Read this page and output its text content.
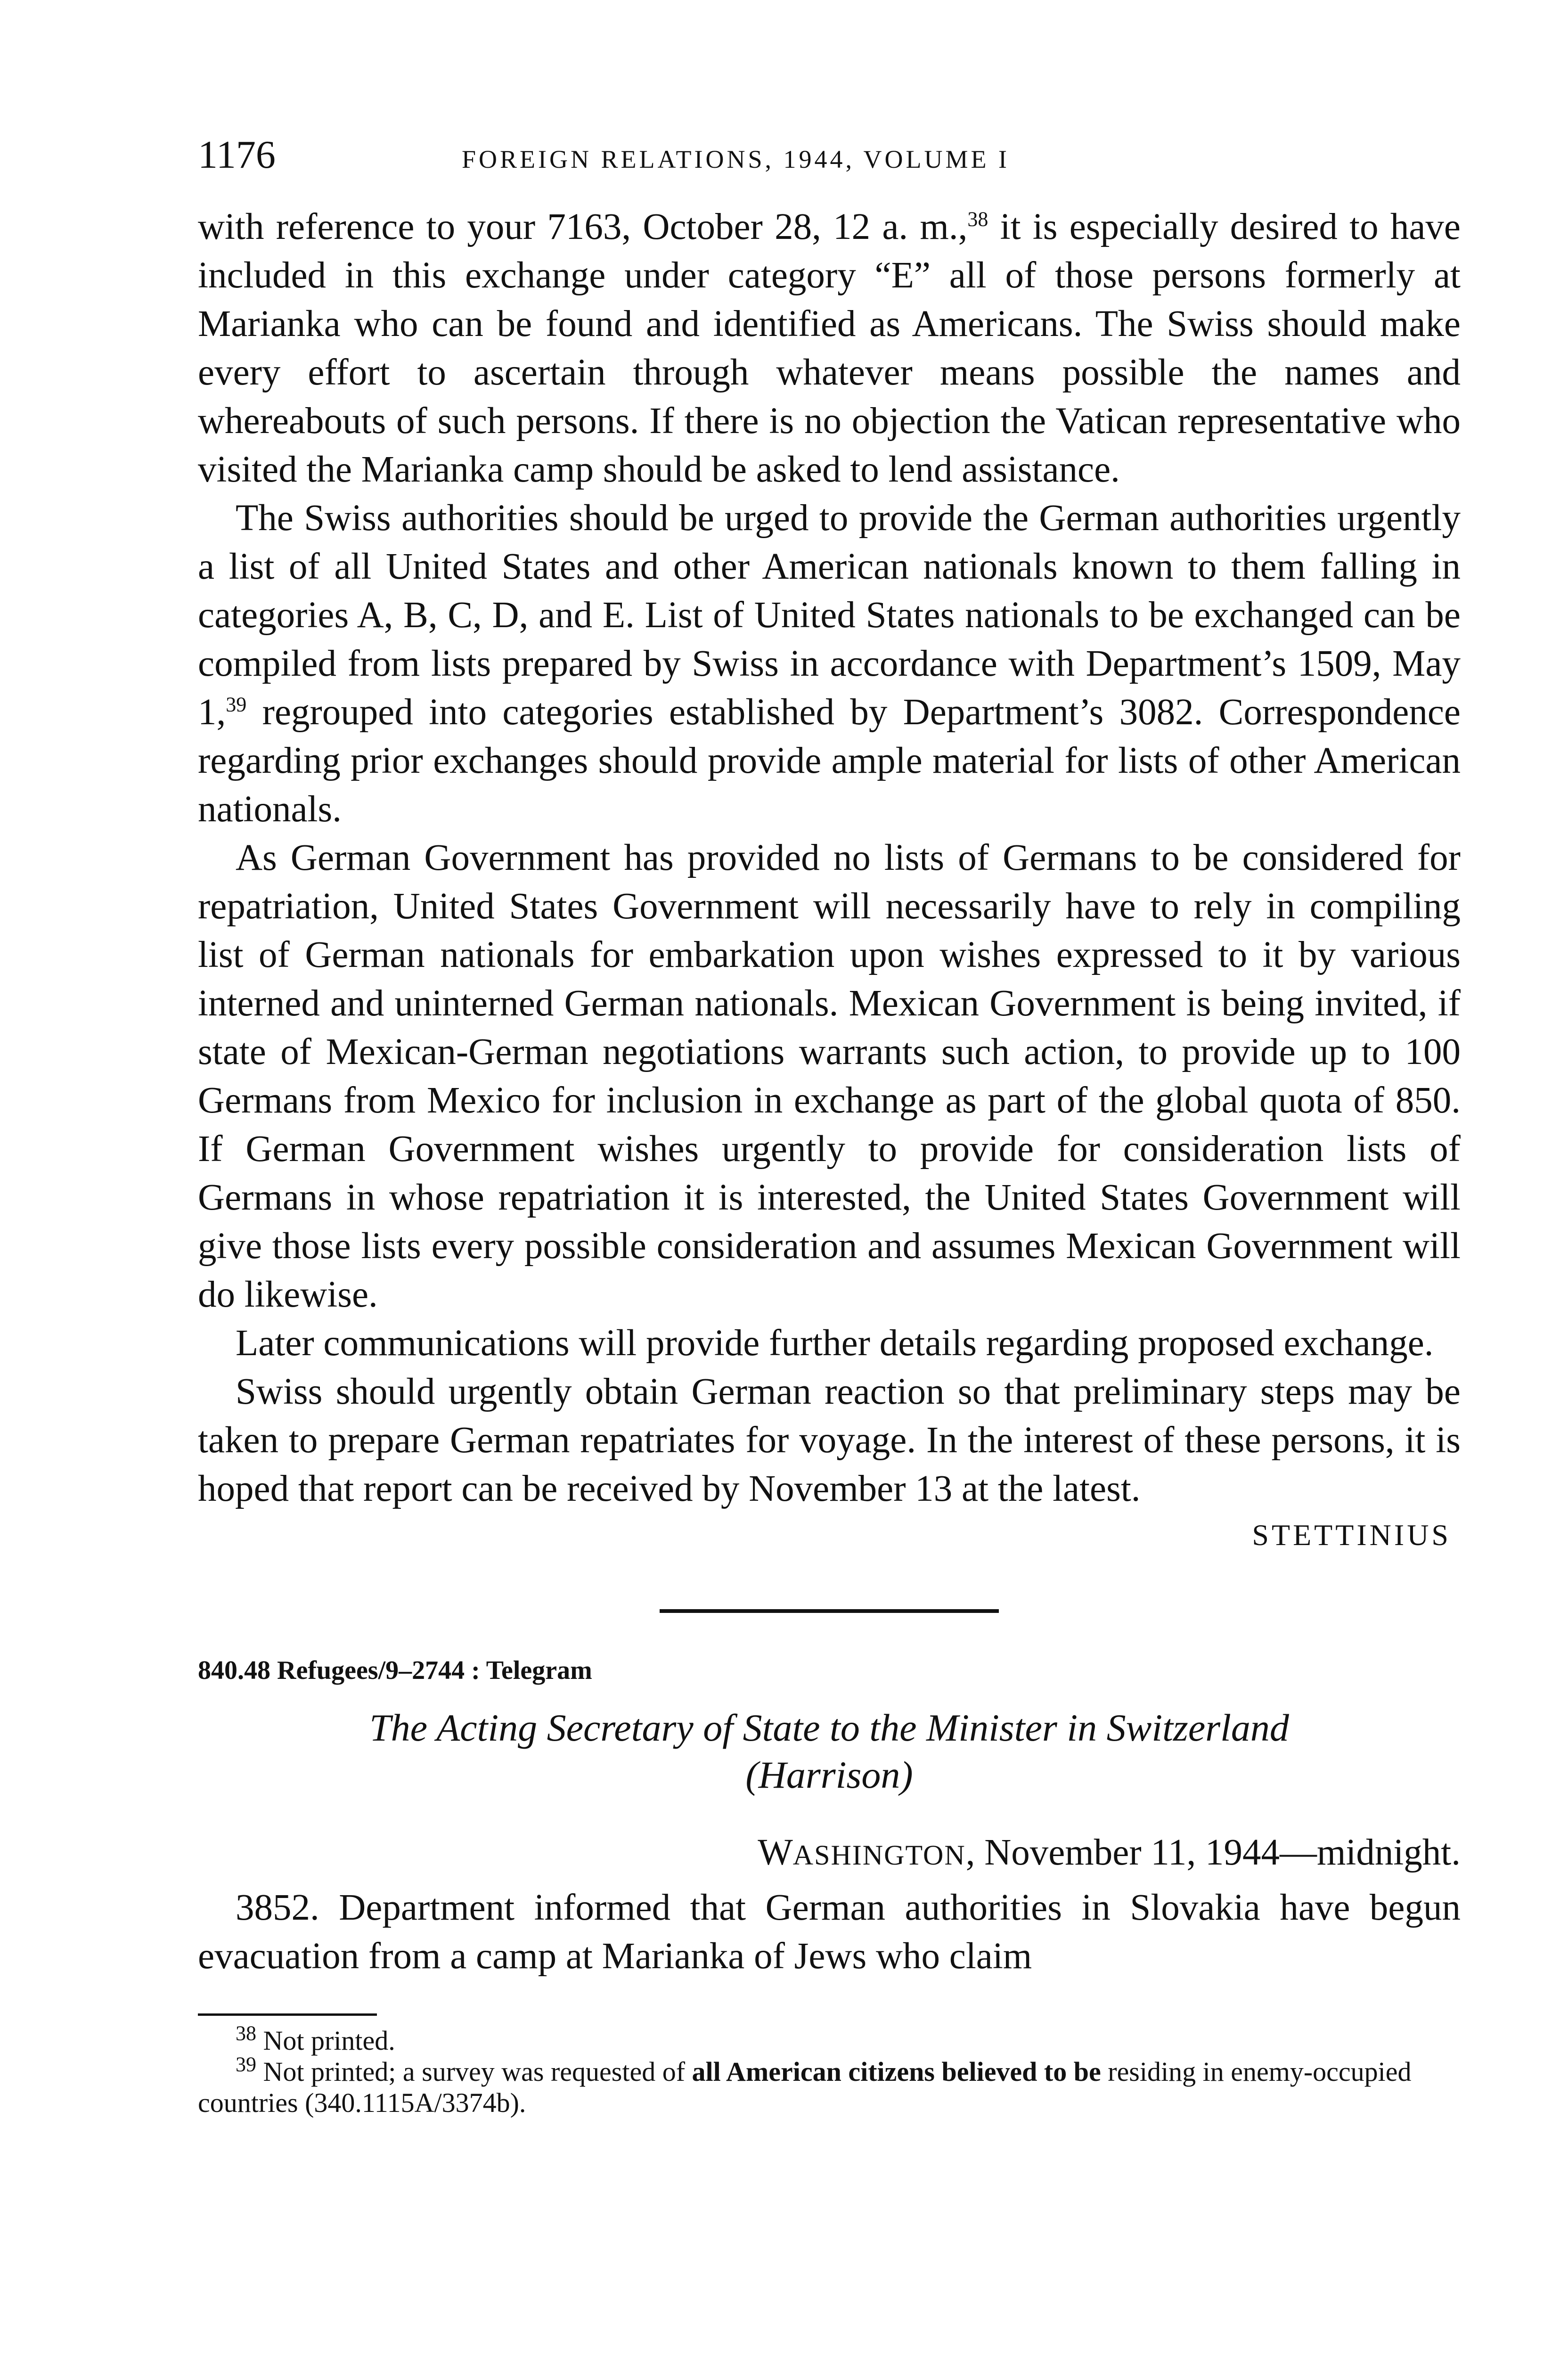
1176	FOREIGN RELATIONS, 1944, VOLUME I

with reference to your 7163, October 28, 12 a. m.,$^{38}$ it is especially desired to have included in this exchange under category “E” all of those persons formerly at Marianka who can be found and identified as Americans. The Swiss should make every effort to ascertain through whatever means possible the names and whereabouts of such persons. If there is no objection the Vatican representative who visited the Marianka camp should be asked to lend assistance.

The Swiss authorities should be urged to provide the German authorities urgently a list of all United States and other American nationals known to them falling in categories A, B, C, D, and E. List of United States nationals to be exchanged can be compiled from lists prepared by Swiss in accordance with Department’s 1509, May 1,39 regrouped into categories established by Department’s 3082. Correspondence regarding prior exchanges should provide ample material for lists of other American nationals.

As German Government has provided no lists of Germans to be considered for repatriation, United States Government will necessarily have to rely in compiling list of German nationals for embarkation upon wishes expressed to it by various interned and uninterned German nationals. Mexican Government is being invited, if state of Mexican-German negotiations warrants such action, to provide up to 100 Germans from Mexico for inclusion in exchange as part of the global quota of 850. If German Government wishes urgently to provide for consideration lists of Germans in whose repatriation it is interested, the United States Government will give those lists every possible consideration and assumes Mexican Government will do likewise.

Later communications will provide further details regarding proposed exchange.

Swiss should urgently obtain German reaction so that preliminary steps may be taken to prepare German repatriates for voyage. In the interest of these persons, it is hoped that report can be received by November 13 at the latest.

STETTINIUS
840.48 Refugees/9–2744 : Telegram
The Acting Secretary of State to the Minister in Switzerland
(Harrison)
WASHINGTON, November 11, 1944—midnight.

3852. Department informed that German authorities in Slovakia have begun evacuation from a camp at Marianka of Jews who claim

$^{38}$ Not printed.
$^{39}$ Not printed; a survey was requested of all American citizens believed to be residing in enemy-occupied countries (340.1115A/3374b).
